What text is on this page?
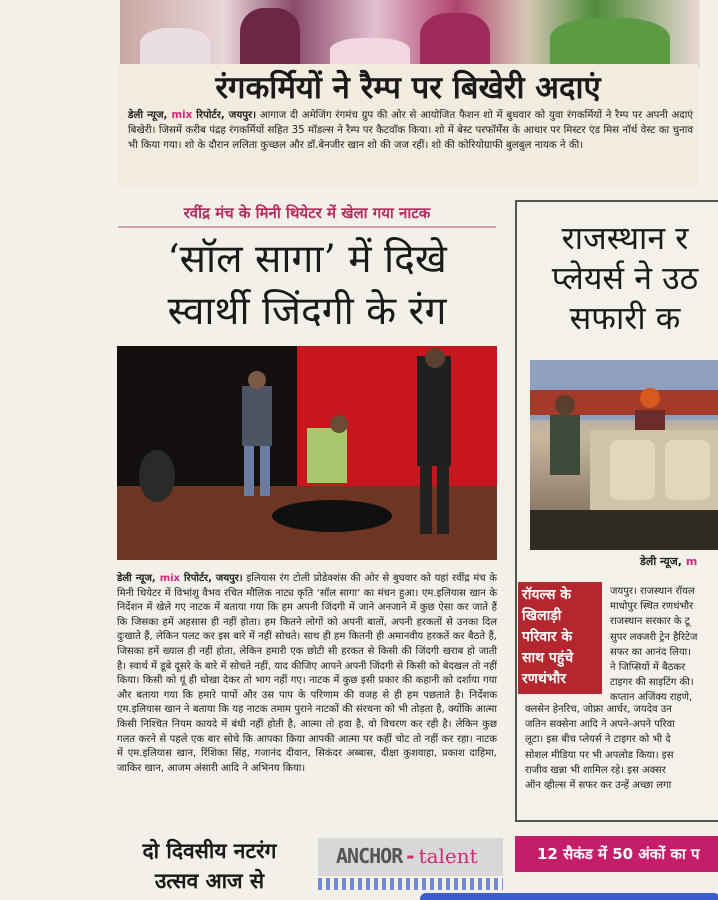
रंगकर्मियों ने रैम्प पर बिखेरी अदाएं
डेली न्यूज, mix रिपोर्टर, जयपुर। आगाज दी अमेजिंग रंगमंच ग्रुप की ओर से आयोजित फैशन शो में बुधवार को युवा रंगकर्मियों ने रैम्प पर अपनी अदाएं बिखेरी। जिसमें करीब पंद्रह रंगकर्मियों सहित 35 मॉडल्स ने रैम्प पर कैटवॉक किया। शो में बेस्ट परफॉर्मेंस के आधार पर मिस्टर एंड मिस नॉर्थ वेस्ट का चुनाव भी किया गया। शो के दौरान ललिता कुच्छल और डॉ.बेनजीर खान शो की जज रहीं। शो की कोरियोग्राफी बुलबुल नायक ने की।
रवींद्र मंच के मिनी थियेटर में खेला गया नाटक
‘सॉल सागा’ में दिखे
स्वार्थी जिंदगी के रंग
डेली न्यूज, mix रिपोर्टर, जयपुर। इलियास रंग टोली प्रोडेक्शंस की ओर से बुधवार को यहां रवींद्र मंच के मिनी थियेटर में विभांशु वैभव रचित मौलिक नाट्य कृति ‘सॉल सागा’ का मंचन हुआ। एम.इलियास खान के निर्देशन में खेले गए नाटक में बताया गया कि हम अपनी जिंदगी में जाने अनजाने में कुछ ऐसा कर जाते हैं कि जिसका हमें अहसास ही नहीं होता। हम कितने लोगों को अपनी बातों, अपनी हरकतों से उनका दिल दुःखाते हैं, लेकिन पलट कर इस बारे में नहीं सोचते। साथ ही हम कितनी ही अमानवीय हरकतें कर बैठते हैं, जिसका हमें ख्याल ही नहीं होता, लेकिन हमारी एक छोटी सी हरकत से किसी की जिंदगी खराब हो जाती है। स्वार्थ में डूबे दूसरे के बारे में सोचते नहीं, याद कीजिए आपने अपनी जिंदगी से किसी को बेदखल तो नहीं किया। किसी को यूं ही धोखा देकर तो भाग नहीं गए। नाटक में कुछ इसी प्रकार की कहानी को दर्शाया गया और बताया गया कि हमारे पापों और उस पाप के परिणाम की वजह से ही हम पछताते है। निर्देशक एम.इलियास खान ने बताया कि यह नाटक तमाम पुराने नाटकों की संरचना को भी तोड़ता है, क्योंकि आत्मा किसी निश्चित नियम कायदे में बंधी नहीं होती है, आत्मा तो हवा है, वो विचरण कर रही है। लेकिन कुछ गलत करने से पहले एक बार सोचे कि आपका किया आपकी आत्मा पर कहीं चोट तो नहीं कर रहा। नाटक में एम.इलियास खान, रिंशिका सिंह, गजानंद दीवान, सिकंदर अब्बास, दीक्षा कुशवाहा, प्रकाश दाहिमा, जाकिर खान, आजम अंसारी आदि ने अभिनय किया।
राजस्थान र
प्लेयर्स ने उठ
सफारी क
डेली न्यूज, m
रॉयल्स के खिलाड़ी परिवार के साथ पहुंचे रणथंभौर
जयपुर। राजस्थान रॉयल
माधोपुर स्थित रणथंभौर
राजस्थान सरकार के टू
सुपर लक्जरी ट्रेन हैरिटेज
सफर का आनंद लिया।
ने जिप्सियों में बैठकर
टाइगर की साइटिंग की।
कप्तान अजिंक्य राहणे,
क्लसेन हेनरिच, जोफ्रा आर्चर, जयदेव उन
जतिन सक्सेना आदि ने अपने-अपने परिवा
लूटा। इस बीच प्लेयर्स ने टाइगर को भी दे
सोशल मीडिया पर भी अपलोड किया। इस
राजीव खन्ना भी शामिल रहे। इस अक्सर
ऑन व्हील्स में सफर कर उन्हें अच्छा लगा
दो दिवसीय नटरंग
उत्सव आज से
ANCHOR - talent	12 सैकंड में 50 अंकों का प
